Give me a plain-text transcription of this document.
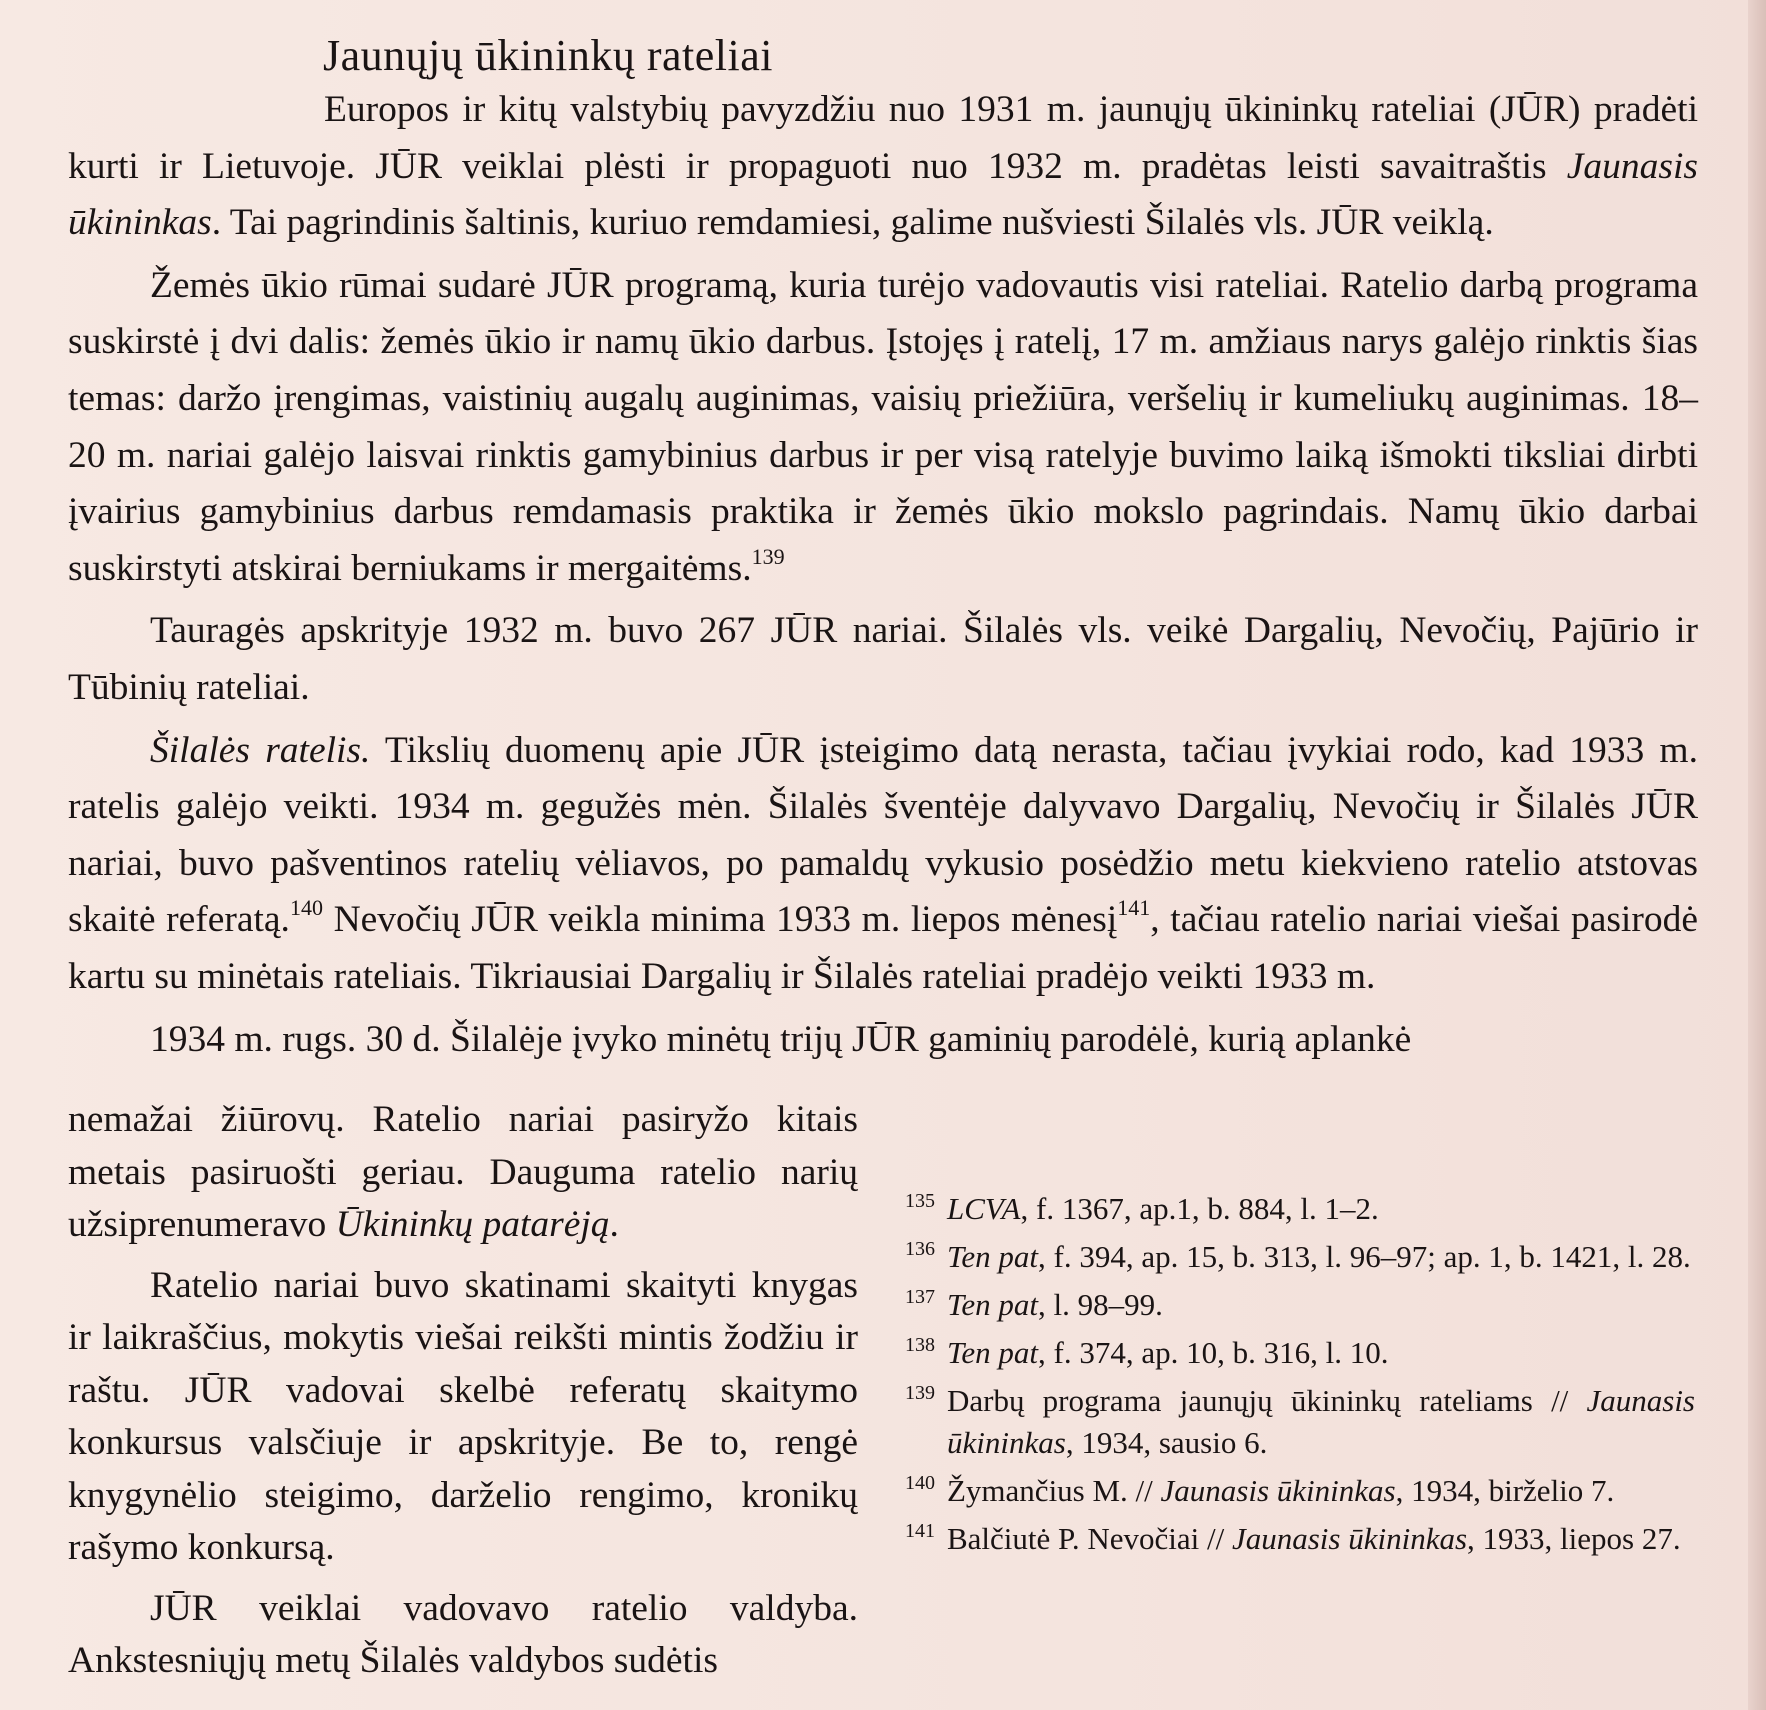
Jaunųjų ūkininkų rateliai

Europos ir kitų valstybių pavyzdžiu nuo 1931 m. jaunųjų ūkininkų rateliai (JŪR) pradėti kurti ir Lietuvoje. JŪR veiklai plėsti ir propaguoti nuo 1932 m. pradėtas leisti savaitraštis Jaunasis ūkininkas. Tai pagrindinis šaltinis, kuriuo remdamiesi, galime nušviesti Šilalės vls. JŪR veiklą.

Žemės ūkio rūmai sudarė JŪR programą, kuria turėjo vadovautis visi rateliai. Ratelio darbą programa suskirstė į dvi dalis: žemės ūkio ir namų ūkio darbus. Įstojęs į ratelį, 17 m. amžiaus narys galėjo rinktis šias temas: daržo įrengimas, vaistinių augalų auginimas, vaisių priežiūra, veršelių ir kumeliukų auginimas. 18–20 m. nariai galėjo laisvai rinktis gamybinius darbus ir per visą ratelyje buvimo laiką išmokti tiksliai dirbti įvairius gamybinius darbus remdamasis praktika ir žemės ūkio mokslo pagrindais. Namų ūkio darbai suskirstyti atskirai berniukams ir mergaitėms.$^{139}$

Tauragės apskrityje 1932 m. buvo 267 JŪR nariai. Šilalės vls. veikė Dargalių, Nevočių, Pajūrio ir Tūbinių rateliai.

Šilalės ratelis. Tikslių duomenų apie JŪR įsteigimo datą nerasta, tačiau įvykiai rodo, kad 1933 m. ratelis galėjo veikti. 1934 m. gegužės mėn. Šilalės šventėje dalyvavo Dargalių, Nevočių ir Šilalės JŪR nariai, buvo pašventinos ratelių vėliavos, po pamaldų vykusio posėdžio metu kiekvieno ratelio atstovas skaitė referatą.$^{140}$ Nevočių JŪR veikla minima 1933 m. liepos mėnesį$^{141}$, tačiau ratelio nariai viešai pasirodė kartu su minėtais rateliais. Tikriausiai Dargalių ir Šilalės rateliai pradėjo veikti 1933 m.

1934 m. rugs. 30 d. Šilalėje įvyko minėtų trijų JŪR gaminių parodėlė, kurią aplankė

nemažai žiūrovų. Ratelio nariai pasiryžo kitais metais pasiruošti geriau. Dauguma ratelio narių užsiprenumeravo Ūkininkų patarėją.

Ratelio nariai buvo skatinami skaityti knygas ir laikraščius, mokytis viešai reikšti mintis žodžiu ir raštu. JŪR vadovai skelbė referatų skaitymo konkursus valsčiuje ir apskrityje. Be to, rengė knygynėlio steigimo, darželio rengimo, kronikų rašymo konkursą.

JŪR veiklai vadovavo ratelio valdyba. Ankstesniųjų metų Šilalės valdybos sudėtis

135 LCVA, f. 1367, ap.1, b. 884, l. 1–2.
136 Ten pat, f. 394, ap. 15, b. 313, l. 96–97; ap. 1, b. 1421, l. 28.
137 Ten pat, l. 98–99.
138 Ten pat, f. 374, ap. 10, b. 316, l. 10.
139 Darbų programa jaunųjų ūkininkų rateliams // Jaunasis ūkininkas, 1934, sausio 6.
140 Žymančius M. // Jaunasis ūkininkas, 1934, birželio 7.
141 Balčiutė P. Nevočiai // Jaunasis ūkininkas, 1933, liepos 27.
